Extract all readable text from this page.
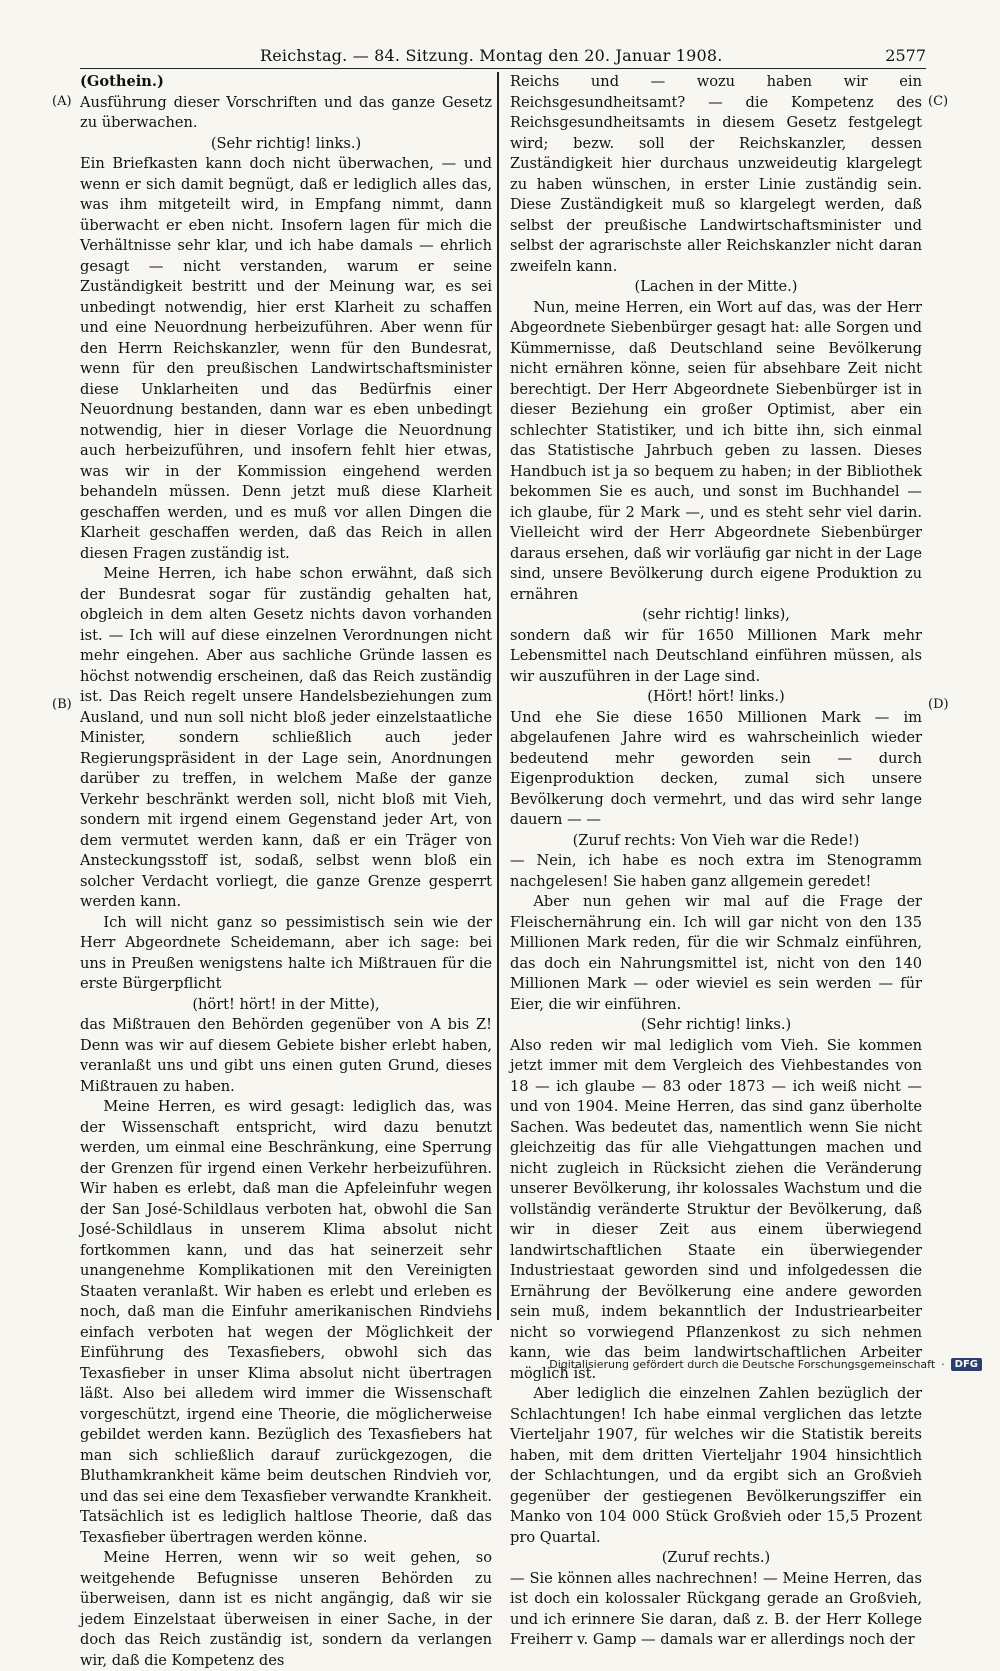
Reichstag. — 84. Sitzung. Montag den 20. Januar 1908.	2577
(A)
(B)
(C)
(D)

(Gothein.)

Ausführung dieser Vorschriften und das ganze Gesetz zu überwachen.

(Sehr richtig! links.)

Ein Briefkasten kann doch nicht überwachen, — und wenn er sich damit begnügt, daß er lediglich alles das, was ihm mitgeteilt wird, in Empfang nimmt, dann überwacht er eben nicht. Insofern lagen für mich die Verhältnisse sehr klar, und ich habe damals — ehrlich gesagt — nicht verstanden, warum er seine Zuständigkeit bestritt und der Meinung war, es sei unbedingt notwendig, hier erst Klarheit zu schaffen und eine Neuordnung herbeizuführen. Aber wenn für den Herrn Reichskanzler, wenn für den Bundesrat, wenn für den preußischen Landwirtschaftsminister diese Unklarheiten und das Bedürfnis einer Neuordnung bestanden, dann war es eben unbedingt notwendig, hier in dieser Vorlage die Neuordnung auch herbeizuführen, und insofern fehlt hier etwas, was wir in der Kommission eingehend werden behandeln müssen. Denn jetzt muß diese Klarheit geschaffen werden, und es muß vor allen Dingen die Klarheit geschaffen werden, daß das Reich in allen diesen Fragen zuständig ist.

Meine Herren, ich habe schon erwähnt, daß sich der Bundesrat sogar für zuständig gehalten hat, obgleich in dem alten Gesetz nichts davon vorhanden ist. — Ich will auf diese einzelnen Verordnungen nicht mehr eingehen. Aber aus sachliche Gründe lassen es höchst notwendig erscheinen, daß das Reich zuständig ist. Das Reich regelt unsere Handelsbeziehungen zum Ausland, und nun soll nicht bloß jeder einzelstaatliche Minister, sondern schließlich auch jeder Regierungspräsident in der Lage sein, Anordnungen darüber zu treffen, in welchem Maße der ganze Verkehr beschränkt werden soll, nicht bloß mit Vieh, sondern mit irgend einem Gegenstand jeder Art, von dem vermutet werden kann, daß er ein Träger von Ansteckungsstoff ist, sodaß, selbst wenn bloß ein solcher Verdacht vorliegt, die ganze Grenze gesperrt werden kann.

Ich will nicht ganz so pessimistisch sein wie der Herr Abgeordnete Scheidemann, aber ich sage: bei uns in Preußen wenigstens halte ich Mißtrauen für die erste Bürgerpflicht

(hört! hört! in der Mitte),

das Mißtrauen den Behörden gegenüber von A bis Z! Denn was wir auf diesem Gebiete bisher erlebt haben, veranlaßt uns und gibt uns einen guten Grund, dieses Mißtrauen zu haben.

Meine Herren, es wird gesagt: lediglich das, was der Wissenschaft entspricht, wird dazu benutzt werden, um einmal eine Beschränkung, eine Sperrung der Grenzen für irgend einen Verkehr herbeizuführen. Wir haben es erlebt, daß man die Apfeleinfuhr wegen der San José-Schildlaus verboten hat, obwohl die San José-Schildlaus in unserem Klima absolut nicht fortkommen kann, und das hat seinerzeit sehr unangenehme Komplikationen mit den Vereinigten Staaten veranlaßt. Wir haben es erlebt und erleben es noch, daß man die Einfuhr amerikanischen Rindviehs einfach verboten hat wegen der Möglichkeit der Einführung des Texasfiebers, obwohl sich das Texasfieber in unser Klima absolut nicht übertragen läßt. Also bei alledem wird immer die Wissenschaft vorgeschützt, irgend eine Theorie, die möglicherweise gebildet werden kann. Bezüglich des Texasfiebers hat man sich schließlich darauf zurückgezogen, die Bluthamkrankheit käme beim deutschen Rindvieh vor, und das sei eine dem Texasfieber verwandte Krankheit. Tatsächlich ist es lediglich haltlose Theorie, daß das Texasfieber übertragen werden könne.

Meine Herren, wenn wir so weit gehen, so weitgehende Befugnisse unseren Behörden zu überweisen, dann ist es nicht angängig, daß wir sie jedem Einzelstaat überweisen in einer Sache, in der doch das Reich zuständig ist, sondern da verlangen wir, daß die Kompetenz des

Reichs und — wozu haben wir ein Reichsgesundheitsamt? — die Kompetenz des Reichsgesundheitsamts in diesem Gesetz festgelegt wird; bezw. soll der Reichskanzler, dessen Zuständigkeit hier durchaus unzweideutig klargelegt zu haben wünschen, in erster Linie zuständig sein. Diese Zuständigkeit muß so klargelegt werden, daß selbst der preußische Landwirtschaftsminister und selbst der agrarischste aller Reichskanzler nicht daran zweifeln kann.

(Lachen in der Mitte.)

Nun, meine Herren, ein Wort auf das, was der Herr Abgeordnete Siebenbürger gesagt hat: alle Sorgen und Kümmernisse, daß Deutschland seine Bevölkerung nicht ernähren könne, seien für absehbare Zeit nicht berechtigt. Der Herr Abgeordnete Siebenbürger ist in dieser Beziehung ein großer Optimist, aber ein schlechter Statistiker, und ich bitte ihn, sich einmal das Statistische Jahrbuch geben zu lassen. Dieses Handbuch ist ja so bequem zu haben; in der Bibliothek bekommen Sie es auch, und sonst im Buchhandel — ich glaube, für 2 Mark —, und es steht sehr viel darin. Vielleicht wird der Herr Abgeordnete Siebenbürger daraus ersehen, daß wir vorläufig gar nicht in der Lage sind, unsere Bevölkerung durch eigene Produktion zu ernähren

(sehr richtig! links),

sondern daß wir für 1650 Millionen Mark mehr Lebensmittel nach Deutschland einführen müssen, als wir auszuführen in der Lage sind.

(Hört! hört! links.)

Und ehe Sie diese 1650 Millionen Mark — im abgelaufenen Jahre wird es wahrscheinlich wieder bedeutend mehr geworden sein — durch Eigenproduktion decken, zumal sich unsere Bevölkerung doch vermehrt, und das wird sehr lange dauern — —

(Zuruf rechts: Von Vieh war die Rede!)

— Nein, ich habe es noch extra im Stenogramm nachgelesen! Sie haben ganz allgemein geredet!

Aber nun gehen wir mal auf die Frage der Fleischernährung ein. Ich will gar nicht von den 135 Millionen Mark reden, für die wir Schmalz einführen, das doch ein Nahrungsmittel ist, nicht von den 140 Millionen Mark — oder wieviel es sein werden — für Eier, die wir einführen.

(Sehr richtig! links.)

Also reden wir mal lediglich vom Vieh. Sie kommen jetzt immer mit dem Vergleich des Viehbestandes von 18 — ich glaube — 83 oder 1873 — ich weiß nicht — und von 1904. Meine Herren, das sind ganz überholte Sachen. Was bedeutet das, namentlich wenn Sie nicht gleichzeitig das für alle Viehgattungen machen und nicht zugleich in Rücksicht ziehen die Veränderung unserer Bevölkerung, ihr kolossales Wachstum und die vollständig veränderte Struktur der Bevölkerung, daß wir in dieser Zeit aus einem überwiegend landwirtschaftlichen Staate ein überwiegender Industriestaat geworden sind und infolgedessen die Ernährung der Bevölkerung eine andere geworden sein muß, indem bekanntlich der Industriearbeiter nicht so vorwiegend Pflanzenkost zu sich nehmen kann, wie das beim landwirtschaftlichen Arbeiter möglich ist.

Aber lediglich die einzelnen Zahlen bezüglich der Schlachtungen! Ich habe einmal verglichen das letzte Vierteljahr 1907, für welches wir die Statistik bereits haben, mit dem dritten Vierteljahr 1904 hinsichtlich der Schlachtungen, und da ergibt sich an Großvieh gegenüber der gestiegenen Bevölkerungsziffer ein Manko von 104 000 Stück Großvieh oder 15,5 Prozent pro Quartal.

(Zuruf rechts.)

— Sie können alles nachrechnen! — Meine Herren, das ist doch ein kolossaler Rückgang gerade an Großvieh, und ich erinnere Sie daran, daß z. B. der Herr Kollege Freiherr v. Gamp — damals war er allerdings noch der

Digitalisierung gefördert durch die Deutsche Forschungsgemeinschaft ·	DFG
